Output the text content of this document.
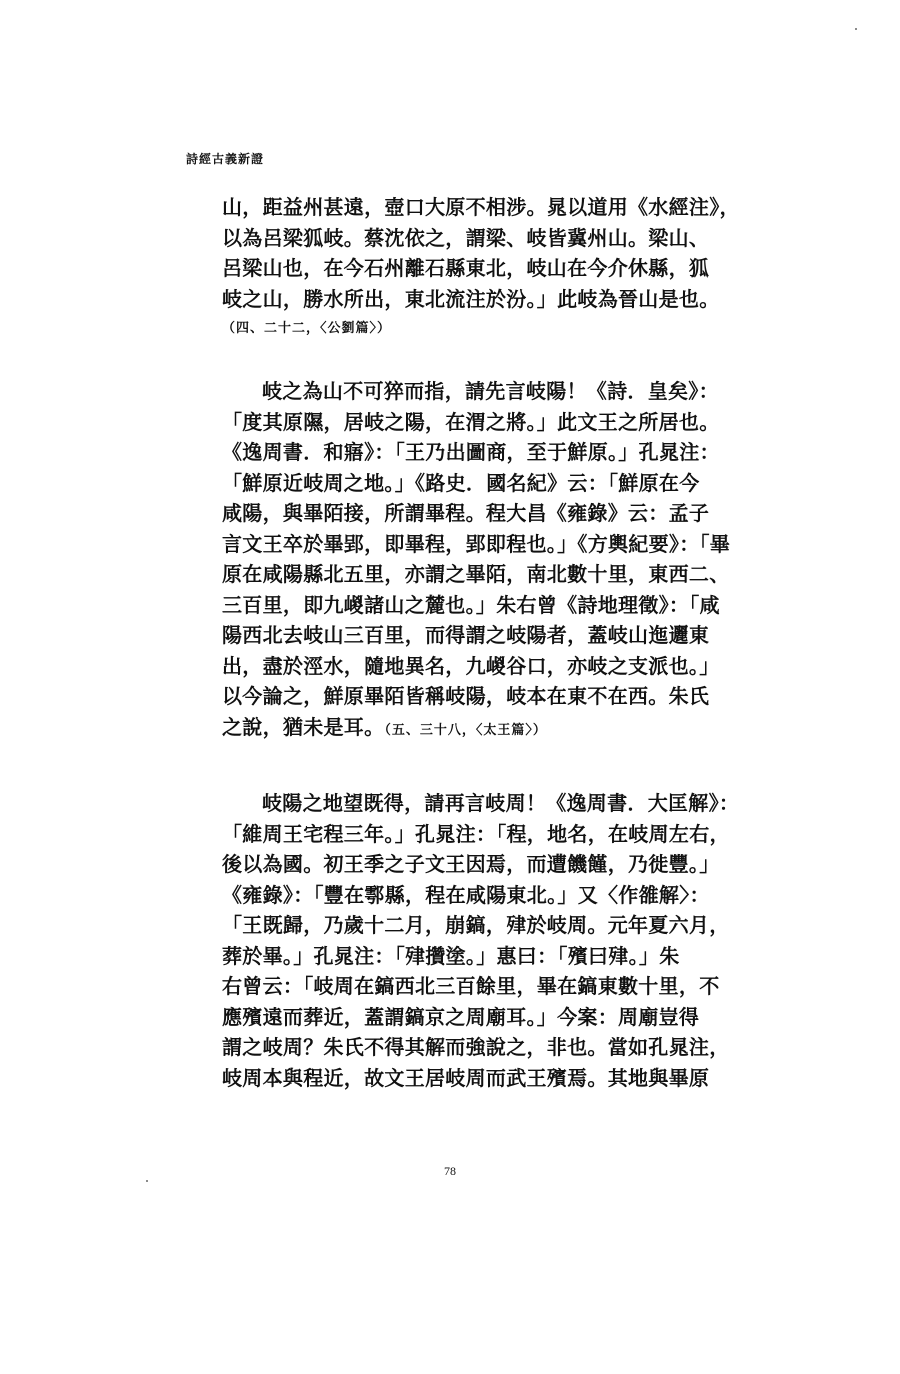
詩經古義新證
山，距益州甚遠，壺口大原不相涉。晁以道用《水經注》，
以為呂梁狐岐。蔡沈依之，謂梁、岐皆冀州山。梁山、
呂梁山也，在今石州離石縣東北，岐山在今介休縣，狐
岐之山，勝水所出，東北流注於汾。」此岐為晉山是也。
（四、二十二，〈公劉篇〉）
岐之為山不可猝而指，請先言岐陽！《詩．皇矣》：
「度其原隰，居岐之陽，在渭之將。」此文王之所居也。
《逸周書．和寤》：「王乃出圖商，至于鮮原。」孔晁注：
「鮮原近岐周之地。」《路史．國名紀》云：「鮮原在今
咸陽，與畢陌接，所謂畢程。程大昌《雍錄》云：孟子
言文王卒於畢郢，即畢程，郢即程也。」《方輿紀要》：「畢
原在咸陽縣北五里，亦謂之畢陌，南北數十里，東西二、
三百里，即九嵕諸山之麓也。」朱右曾《詩地理徵》：「咸
陽西北去岐山三百里，而得謂之岐陽者，蓋岐山迤邐東
出，盡於涇水，隨地異名，九嵕谷口，亦岐之支派也。」
以今論之，鮮原畢陌皆稱岐陽，岐本在東不在西。朱氏
之說，猶未是耳。（五、三十八，〈太王篇〉）
岐陽之地望既得，請再言岐周！《逸周書．大匡解》：
「維周王宅程三年。」孔晁注：「程，地名，在岐周左右，
後以為國。初王季之子文王因焉，而遭饑饉，乃徙豐。」
《雍錄》：「豐在鄠縣，程在咸陽東北。」又〈作雒解〉：
「王既歸，乃歲十二月，崩鎬，肂於岐周。元年夏六月，
葬於畢。」孔晁注：「肂攢塗。」惠曰：「殯曰肂。」朱
右曾云：「岐周在鎬西北三百餘里，畢在鎬東數十里，不
應殯遠而葬近，蓋謂鎬京之周廟耳。」今案：周廟豈得
謂之岐周？朱氏不得其解而強說之，非也。當如孔晁注，
岐周本與程近，故文王居岐周而武王殯焉。其地與畢原
78
